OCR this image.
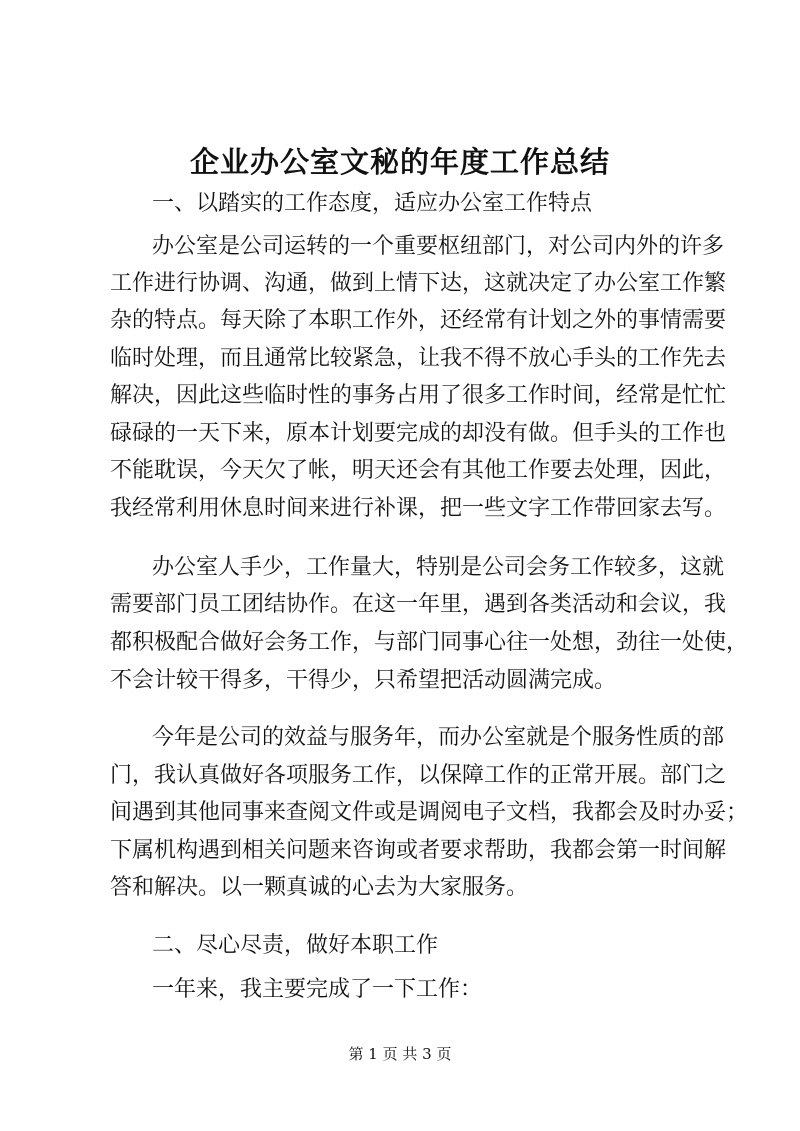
企业办公室文秘的年度工作总结

一、以踏实的工作态度，适应办公室工作特点

办公室是公司运转的一个重要枢纽部门，对公司内外的许多

工作进行协调、沟通，做到上情下达，这就决定了办公室工作繁

杂的特点。每天除了本职工作外，还经常有计划之外的事情需要

临时处理，而且通常比较紧急，让我不得不放心手头的工作先去

解决，因此这些临时性的事务占用了很多工作时间，经常是忙忙

碌碌的一天下来，原本计划要完成的却没有做。但手头的工作也

不能耽误，今天欠了帐，明天还会有其他工作要去处理，因此，

我经常利用休息时间来进行补课，把一些文字工作带回家去写。

办公室人手少，工作量大，特别是公司会务工作较多，这就

需要部门员工团结协作。在这一年里，遇到各类活动和会议，我

都积极配合做好会务工作，与部门同事心往一处想，劲往一处使，

不会计较干得多，干得少，只希望把活动圆满完成。

今年是公司的效益与服务年，而办公室就是个服务性质的部

门，我认真做好各项服务工作，以保障工作的正常开展。部门之

间遇到其他同事来查阅文件或是调阅电子文档，我都会及时办妥；

下属机构遇到相关问题来咨询或者要求帮助，我都会第一时间解

答和解决。以一颗真诚的心去为大家服务。

二、尽心尽责，做好本职工作

一年来，我主要完成了一下工作：

第 1 页 共 3 页
